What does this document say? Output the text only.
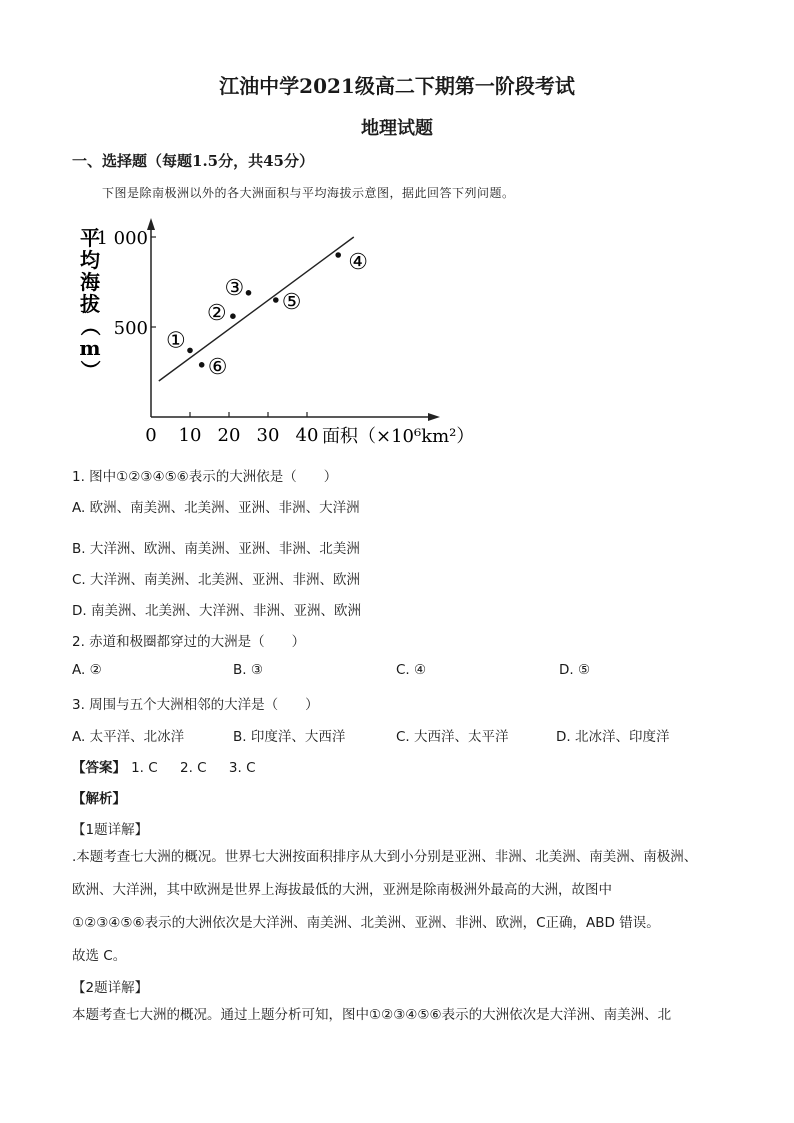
江油中学2021级高二下期第一阶段考试
地理试题
一、选择题（每题1.5分，共45分）
下图是除南极洲以外的各大洲面积与平均海拔示意图，据此回答下列问题。
0 10 20 30 40
500
1 000
面积（×10⁶km²）
平
均
海
拔
（
m
）
①
②
③
④
⑤
⑥
1. 图中①②③④⑤⑥表示的大洲依是（　　）
A. 欧洲、南美洲、北美洲、亚洲、非洲、大洋洲
B. 大洋洲、欧洲、南美洲、亚洲、非洲、北美洲
C. 大洋洲、南美洲、北美洲、亚洲、非洲、欧洲
D. 南美洲、北美洲、大洋洲、非洲、亚洲、欧洲
2. 赤道和极圈都穿过的大洲是（　　）
A. ②	B. ③	C. ④	D. ⑤
3. 周围与五个大洲相邻的大洋是（　　）
A. 太平洋、北冰洋	B. 印度洋、大西洋	C. 大西洋、太平洋	D. 北冰洋、印度洋
【答案】 1. C 2. C 3. C
【解析】
【1题详解】
.本题考查七大洲的概况。世界七大洲按面积排序从大到小分别是亚洲、非洲、北美洲、南美洲、南极洲、
欧洲、大洋洲，其中欧洲是世界上海拔最低的大洲，亚洲是除南极洲外最高的大洲，故图中
①②③④⑤⑥表示的大洲依次是大洋洲、南美洲、北美洲、亚洲、非洲、欧洲，C正确，ABD 错误。
故选 C。
【2题详解】
本题考查七大洲的概况。通过上题分析可知，图中①②③④⑤⑥表示的大洲依次是大洋洲、南美洲、北
